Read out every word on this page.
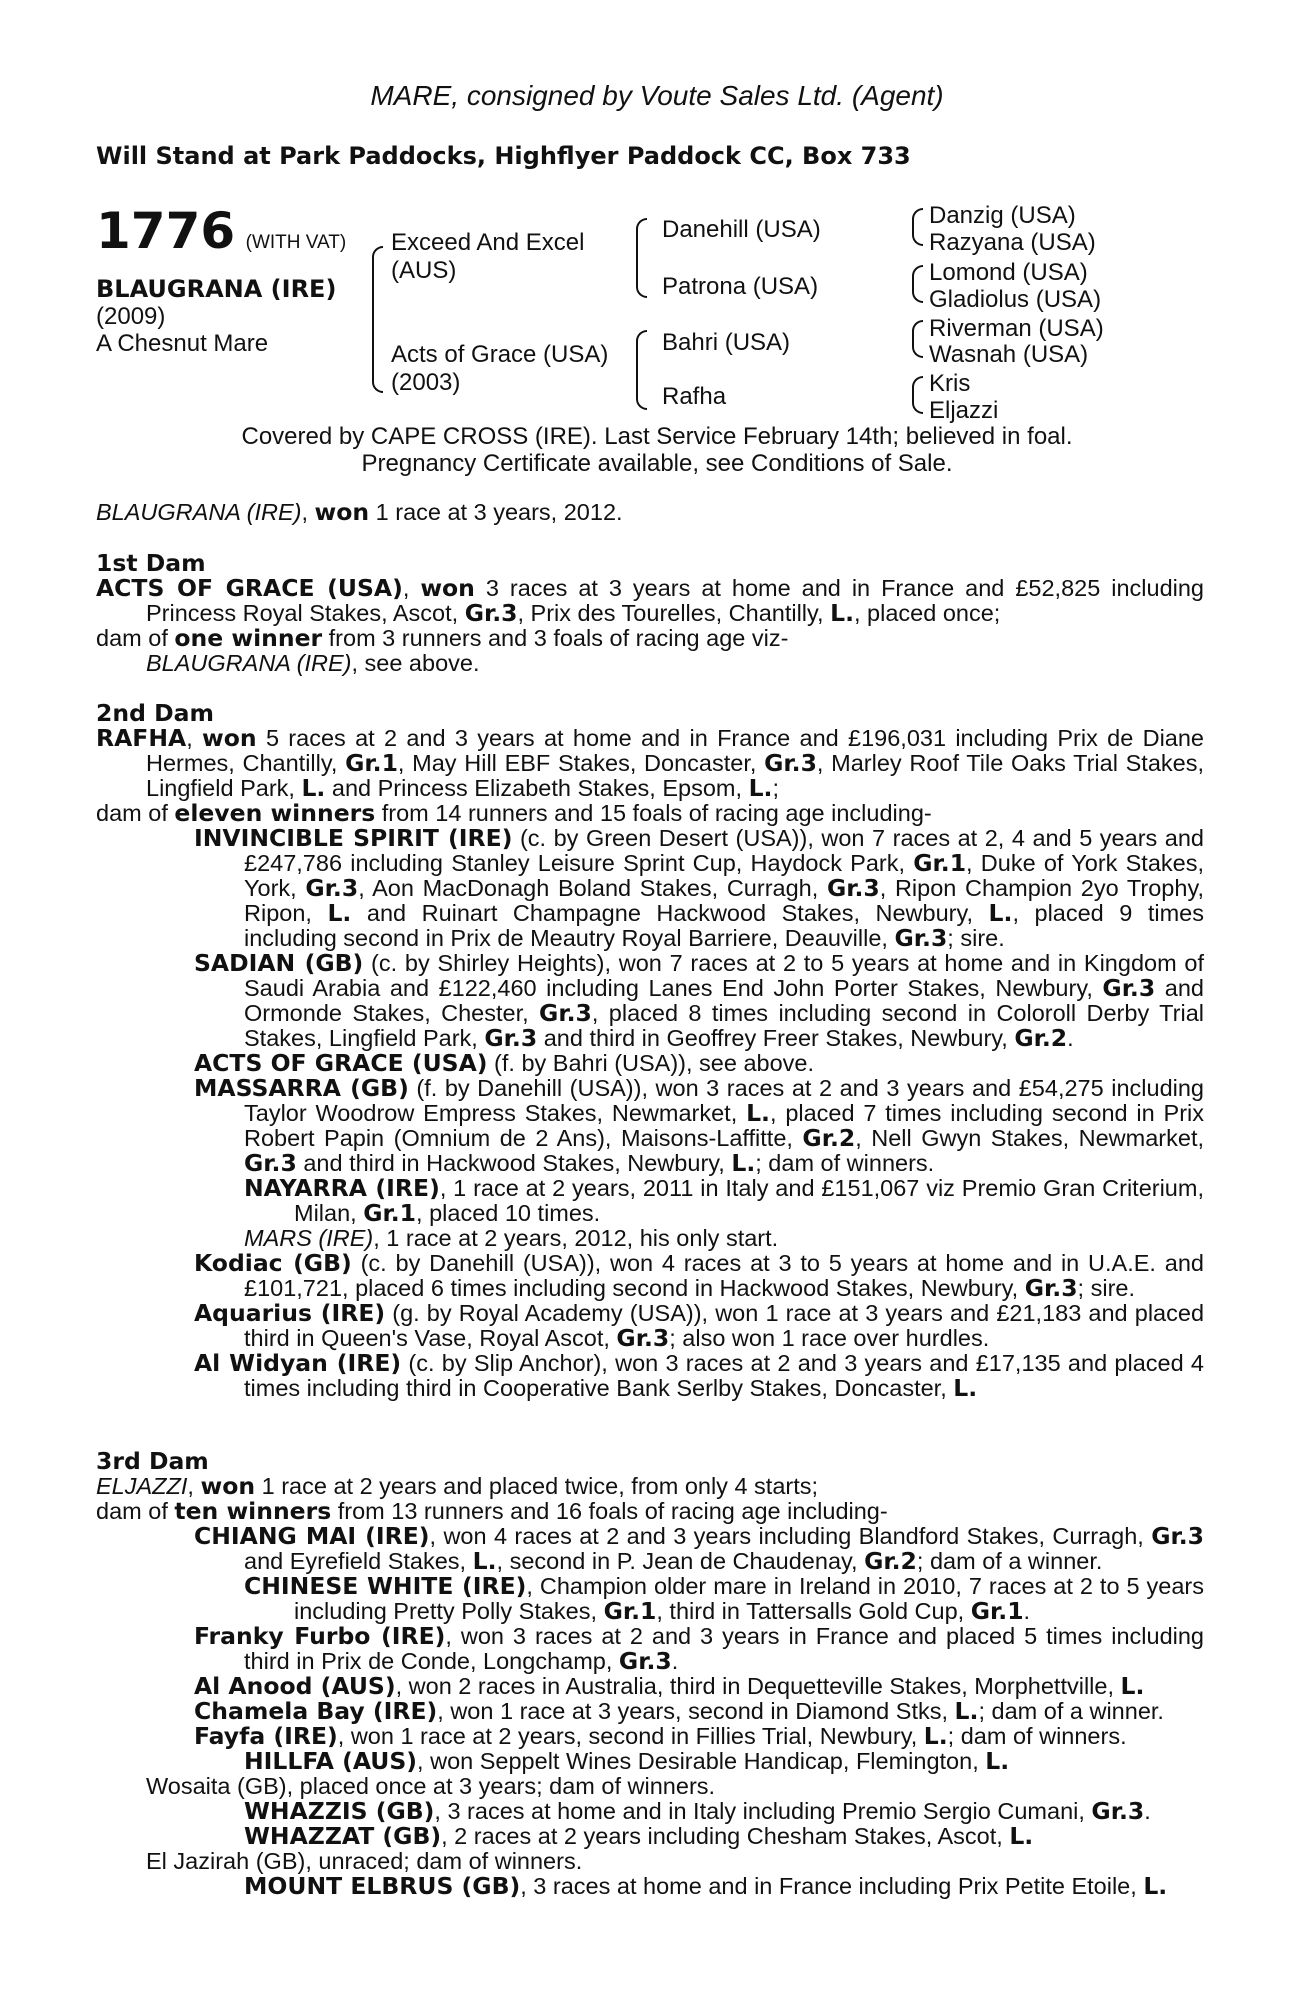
MARE, consigned by Voute Sales Ltd. (Agent)
Will Stand at Park Paddocks, Highflyer Paddock CC, Box 733
1776 (WITH VAT)
BLAUGRANA (IRE)
(2009)
A Chesnut Mare
Exceed And Excel
(AUS)
Acts of Grace (USA)
(2003)
Danehill (USA)
Patrona (USA)
Bahri (USA)
Rafha
Danzig (USA)
Razyana (USA)
Lomond (USA)
Gladiolus (USA)
Riverman (USA)
Wasnah (USA)
Kris
Eljazzi
Covered by CAPE CROSS (IRE). Last Service February 14th; believed in foal.
Pregnancy Certificate available, see Conditions of Sale.

BLAUGRANA (IRE), won 1 race at 3 years, 2012.

1st Dam

ACTS OF GRACE (USA), won 3 races at 3 years at home and in France and £52,825 including Princess Royal Stakes, Ascot, Gr.3, Prix des Tourelles, Chantilly, L., placed once;

dam of one winner from 3 runners and 3 foals of racing age viz-

BLAUGRANA (IRE), see above.

2nd Dam

RAFHA, won 5 races at 2 and 3 years at home and in France and £196,031 including Prix de Diane Hermes, Chantilly, Gr.1, May Hill EBF Stakes, Doncaster, Gr.3, Marley Roof Tile Oaks Trial Stakes, Lingfield Park, L. and Princess Elizabeth Stakes, Epsom, L.;

dam of eleven winners from 14 runners and 15 foals of racing age including-

INVINCIBLE SPIRIT (IRE) (c. by Green Desert (USA)), won 7 races at 2, 4 and 5 years and £247,786 including Stanley Leisure Sprint Cup, Haydock Park, Gr.1, Duke of York Stakes, York, Gr.3, Aon MacDonagh Boland Stakes, Curragh, Gr.3, Ripon Champion 2yo Trophy, Ripon, L. and Ruinart Champagne Hackwood Stakes, Newbury, L., placed 9 times including second in Prix de Meautry Royal Barriere, Deauville, Gr.3; sire.

SADIAN (GB) (c. by Shirley Heights), won 7 races at 2 to 5 years at home and in Kingdom of Saudi Arabia and £122,460 including Lanes End John Porter Stakes, Newbury, Gr.3 and Ormonde Stakes, Chester, Gr.3, placed 8 times including second in Coloroll Derby Trial Stakes, Lingfield Park, Gr.3 and third in Geoffrey Freer Stakes, Newbury, Gr.2.

ACTS OF GRACE (USA) (f. by Bahri (USA)), see above.

MASSARRA (GB) (f. by Danehill (USA)), won 3 races at 2 and 3 years and £54,275 including Taylor Woodrow Empress Stakes, Newmarket, L., placed 7 times including second in Prix Robert Papin (Omnium de 2 Ans), Maisons-Laffitte, Gr.2, Nell Gwyn Stakes, Newmarket, Gr.3 and third in Hackwood Stakes, Newbury, L.; dam of winners.

NAYARRA (IRE), 1 race at 2 years, 2011 in Italy and £151,067 viz Premio Gran Criterium, Milan, Gr.1, placed 10 times.

MARS (IRE), 1 race at 2 years, 2012, his only start.

Kodiac (GB) (c. by Danehill (USA)), won 4 races at 3 to 5 years at home and in U.A.E. and £101,721, placed 6 times including second in Hackwood Stakes, Newbury, Gr.3; sire.

Aquarius (IRE) (g. by Royal Academy (USA)), won 1 race at 3 years and £21,183 and placed third in Queen's Vase, Royal Ascot, Gr.3; also won 1 race over hurdles.

Al Widyan (IRE) (c. by Slip Anchor), won 3 races at 2 and 3 years and £17,135 and placed 4 times including third in Cooperative Bank Serlby Stakes, Doncaster, L.

3rd Dam

ELJAZZI, won 1 race at 2 years and placed twice, from only 4 starts;

dam of ten winners from 13 runners and 16 foals of racing age including-

CHIANG MAI (IRE), won 4 races at 2 and 3 years including Blandford Stakes, Curragh, Gr.3 and Eyrefield Stakes, L., second in P. Jean de Chaudenay, Gr.2; dam of a winner.

CHINESE WHITE (IRE), Champion older mare in Ireland in 2010, 7 races at 2 to 5 years including Pretty Polly Stakes, Gr.1, third in Tattersalls Gold Cup, Gr.1.

Franky Furbo (IRE), won 3 races at 2 and 3 years in France and placed 5 times including third in Prix de Conde, Longchamp, Gr.3.

Al Anood (AUS), won 2 races in Australia, third in Dequetteville Stakes, Morphettville, L.

Chamela Bay (IRE), won 1 race at 3 years, second in Diamond Stks, L.; dam of a winner.

Fayfa (IRE), won 1 race at 2 years, second in Fillies Trial, Newbury, L.; dam of winners.

HILLFA (AUS), won Seppelt Wines Desirable Handicap, Flemington, L.

Wosaita (GB), placed once at 3 years; dam of winners.

WHAZZIS (GB), 3 races at home and in Italy including Premio Sergio Cumani, Gr.3.

WHAZZAT (GB), 2 races at 2 years including Chesham Stakes, Ascot, L.

El Jazirah (GB), unraced; dam of winners.

MOUNT ELBRUS (GB), 3 races at home and in France including Prix Petite Etoile, L.
